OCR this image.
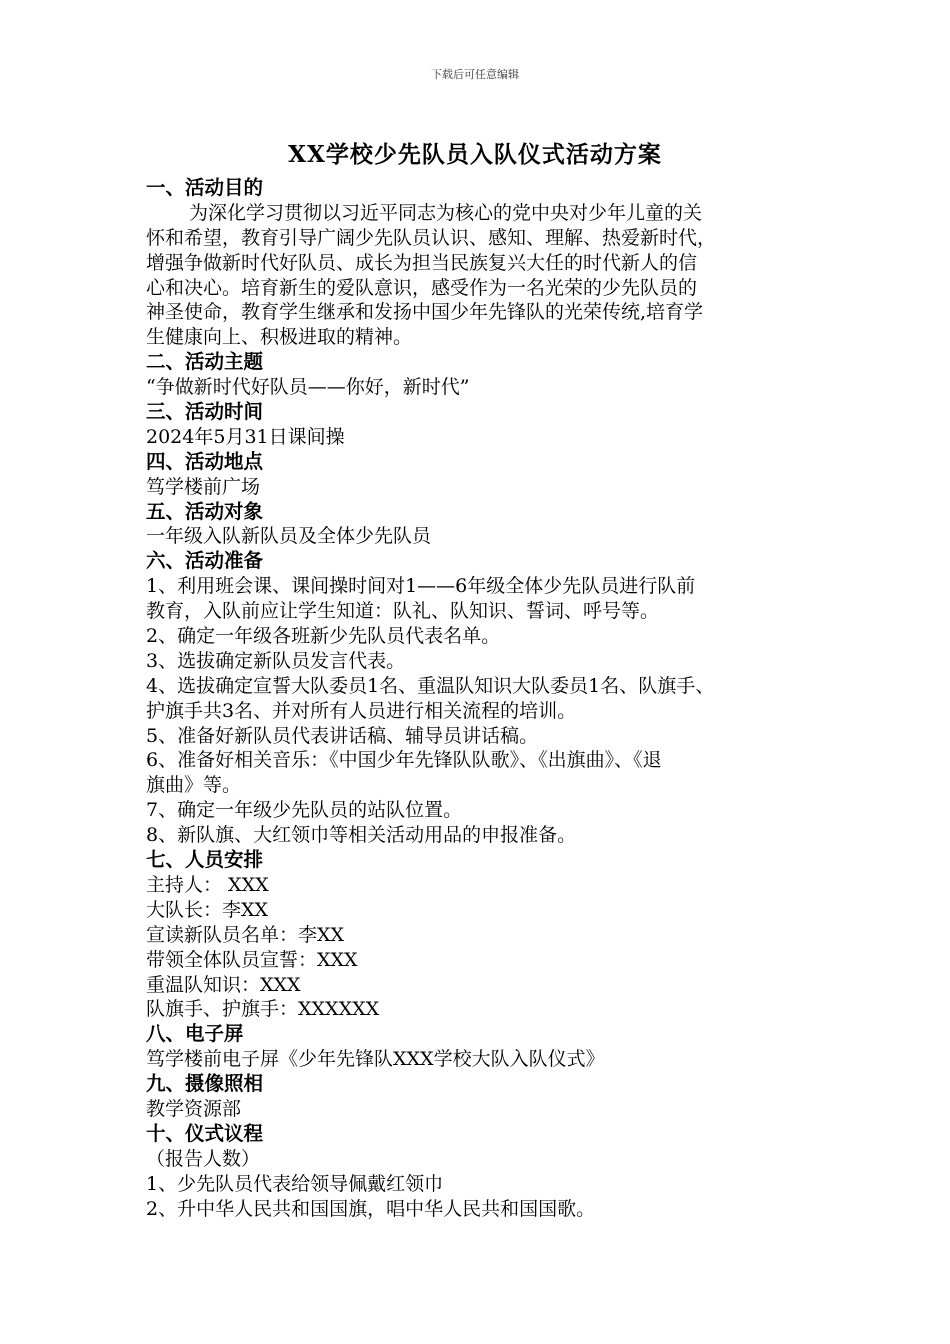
下载后可任意编辑
XX学校少先队员入队仪式活动方案
一、活动目的
为深化学习贯彻以习近平同志为核心的党中央对少年儿童的关
怀和希望，教育引导广阔少先队员认识、感知、理解、热爱新时代，
增强争做新时代好队员、成长为担当民族复兴大任的时代新人的信
心和决心。培育新生的爱队意识，感受作为一名光荣的少先队员的
神圣使命，教育学生继承和发扬中国少年先锋队的光荣传统,培育学
生健康向上、积极进取的精神。
二、活动主题
“争做新时代好队员——你好，新时代”
三、活动时间
2024年5月31日课间操
四、活动地点
笃学楼前广场
五、活动对象
一年级入队新队员及全体少先队员
六、活动准备
1、利用班会课、课间操时间对1——6年级全体少先队员进行队前
教育，入队前应让学生知道：队礼、队知识、誓词、呼号等。
2、确定一年级各班新少先队员代表名单。
3、选拔确定新队员发言代表。
4、选拔确定宣誓大队委员1名、重温队知识大队委员1名、队旗手、
护旗手共3名、并对所有人员进行相关流程的培训。
5、准备好新队员代表讲话稿、辅导员讲话稿。
6、准备好相关音乐：《中国少年先锋队队歌》、《出旗曲》、《退
旗曲》等。
7、确定一年级少先队员的站队位置。
8、新队旗、大红领巾等相关活动用品的申报准备。
七、人员安排
主持人： XXX
大队长：李XX
宣读新队员名单：李XX
带领全体队员宣誓：XXX
重温队知识：XXX
队旗手、护旗手：XXXXXX
八、电子屏
笃学楼前电子屏《少年先锋队XXX学校大队入队仪式》
九、摄像照相
教学资源部
十、仪式议程
（报告人数）
1、少先队员代表给领导佩戴红领巾
2、升中华人民共和国国旗，唱中华人民共和国国歌。
